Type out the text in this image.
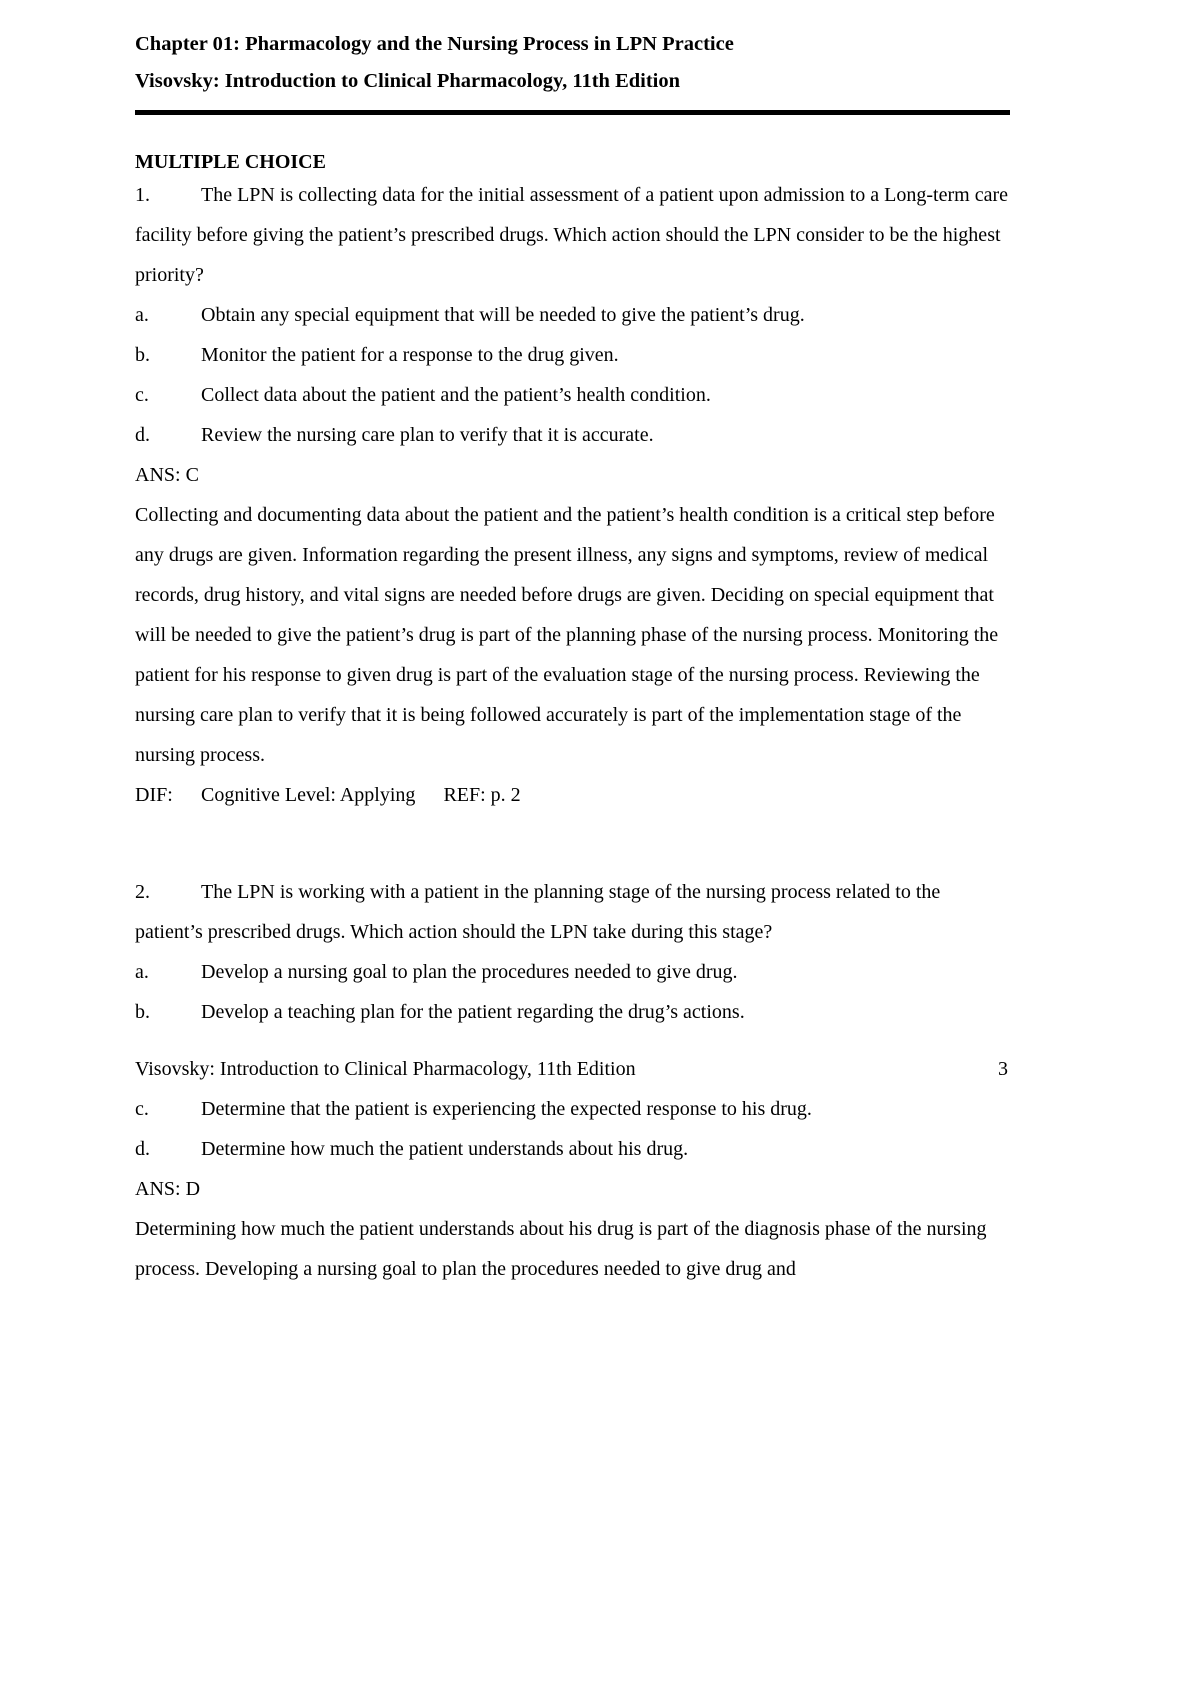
Chapter 01: Pharmacology and the Nursing Process in LPN Practice

Visovsky: Introduction to Clinical Pharmacology, 11th Edition

MULTIPLE CHOICE

1.	The LPN is collecting data for the initial assessment of a patient upon admission to a Long-term care facility before giving the patient’s prescribed drugs. Which action should the LPN consider to be the highest priority?

a.	Obtain any special equipment that will be needed to give the patient’s drug.

b.	Monitor the patient for a response to the drug given.

c.	Collect data about the patient and the patient’s health condition.

d.	Review the nursing care plan to verify that it is accurate.

ANS: C

Collecting and documenting data about the patient and the patient’s health condition is a critical step before any drugs are given. Information regarding the present illness, any signs and symptoms, review of medical records, drug history, and vital signs are needed before drugs are given. Deciding on special equipment that will be needed to give the patient’s drug is part of the planning phase of the nursing process. Monitoring the patient for his response to given drug is part of the evaluation stage of the nursing process. Reviewing the nursing care plan to verify that it is being followed accurately is part of the implementation stage of the nursing process.

DIF: Cognitive Level: Applying REF: p. 2

2.	The LPN is working with a patient in the planning stage of the nursing process related to the patient’s prescribed drugs. Which action should the LPN take during this stage?

a.	Develop a nursing goal to plan the procedures needed to give drug.

b.	Develop a teaching plan for the patient regarding the drug’s actions.

Visovsky: Introduction to Clinical Pharmacology, 11th Edition	3

c.	Determine that the patient is experiencing the expected response to his drug.

d.	Determine how much the patient understands about his drug.

ANS: D

Determining how much the patient understands about his drug is part of the diagnosis phase of the nursing process. Developing a nursing goal to plan the procedures needed to give drug and
